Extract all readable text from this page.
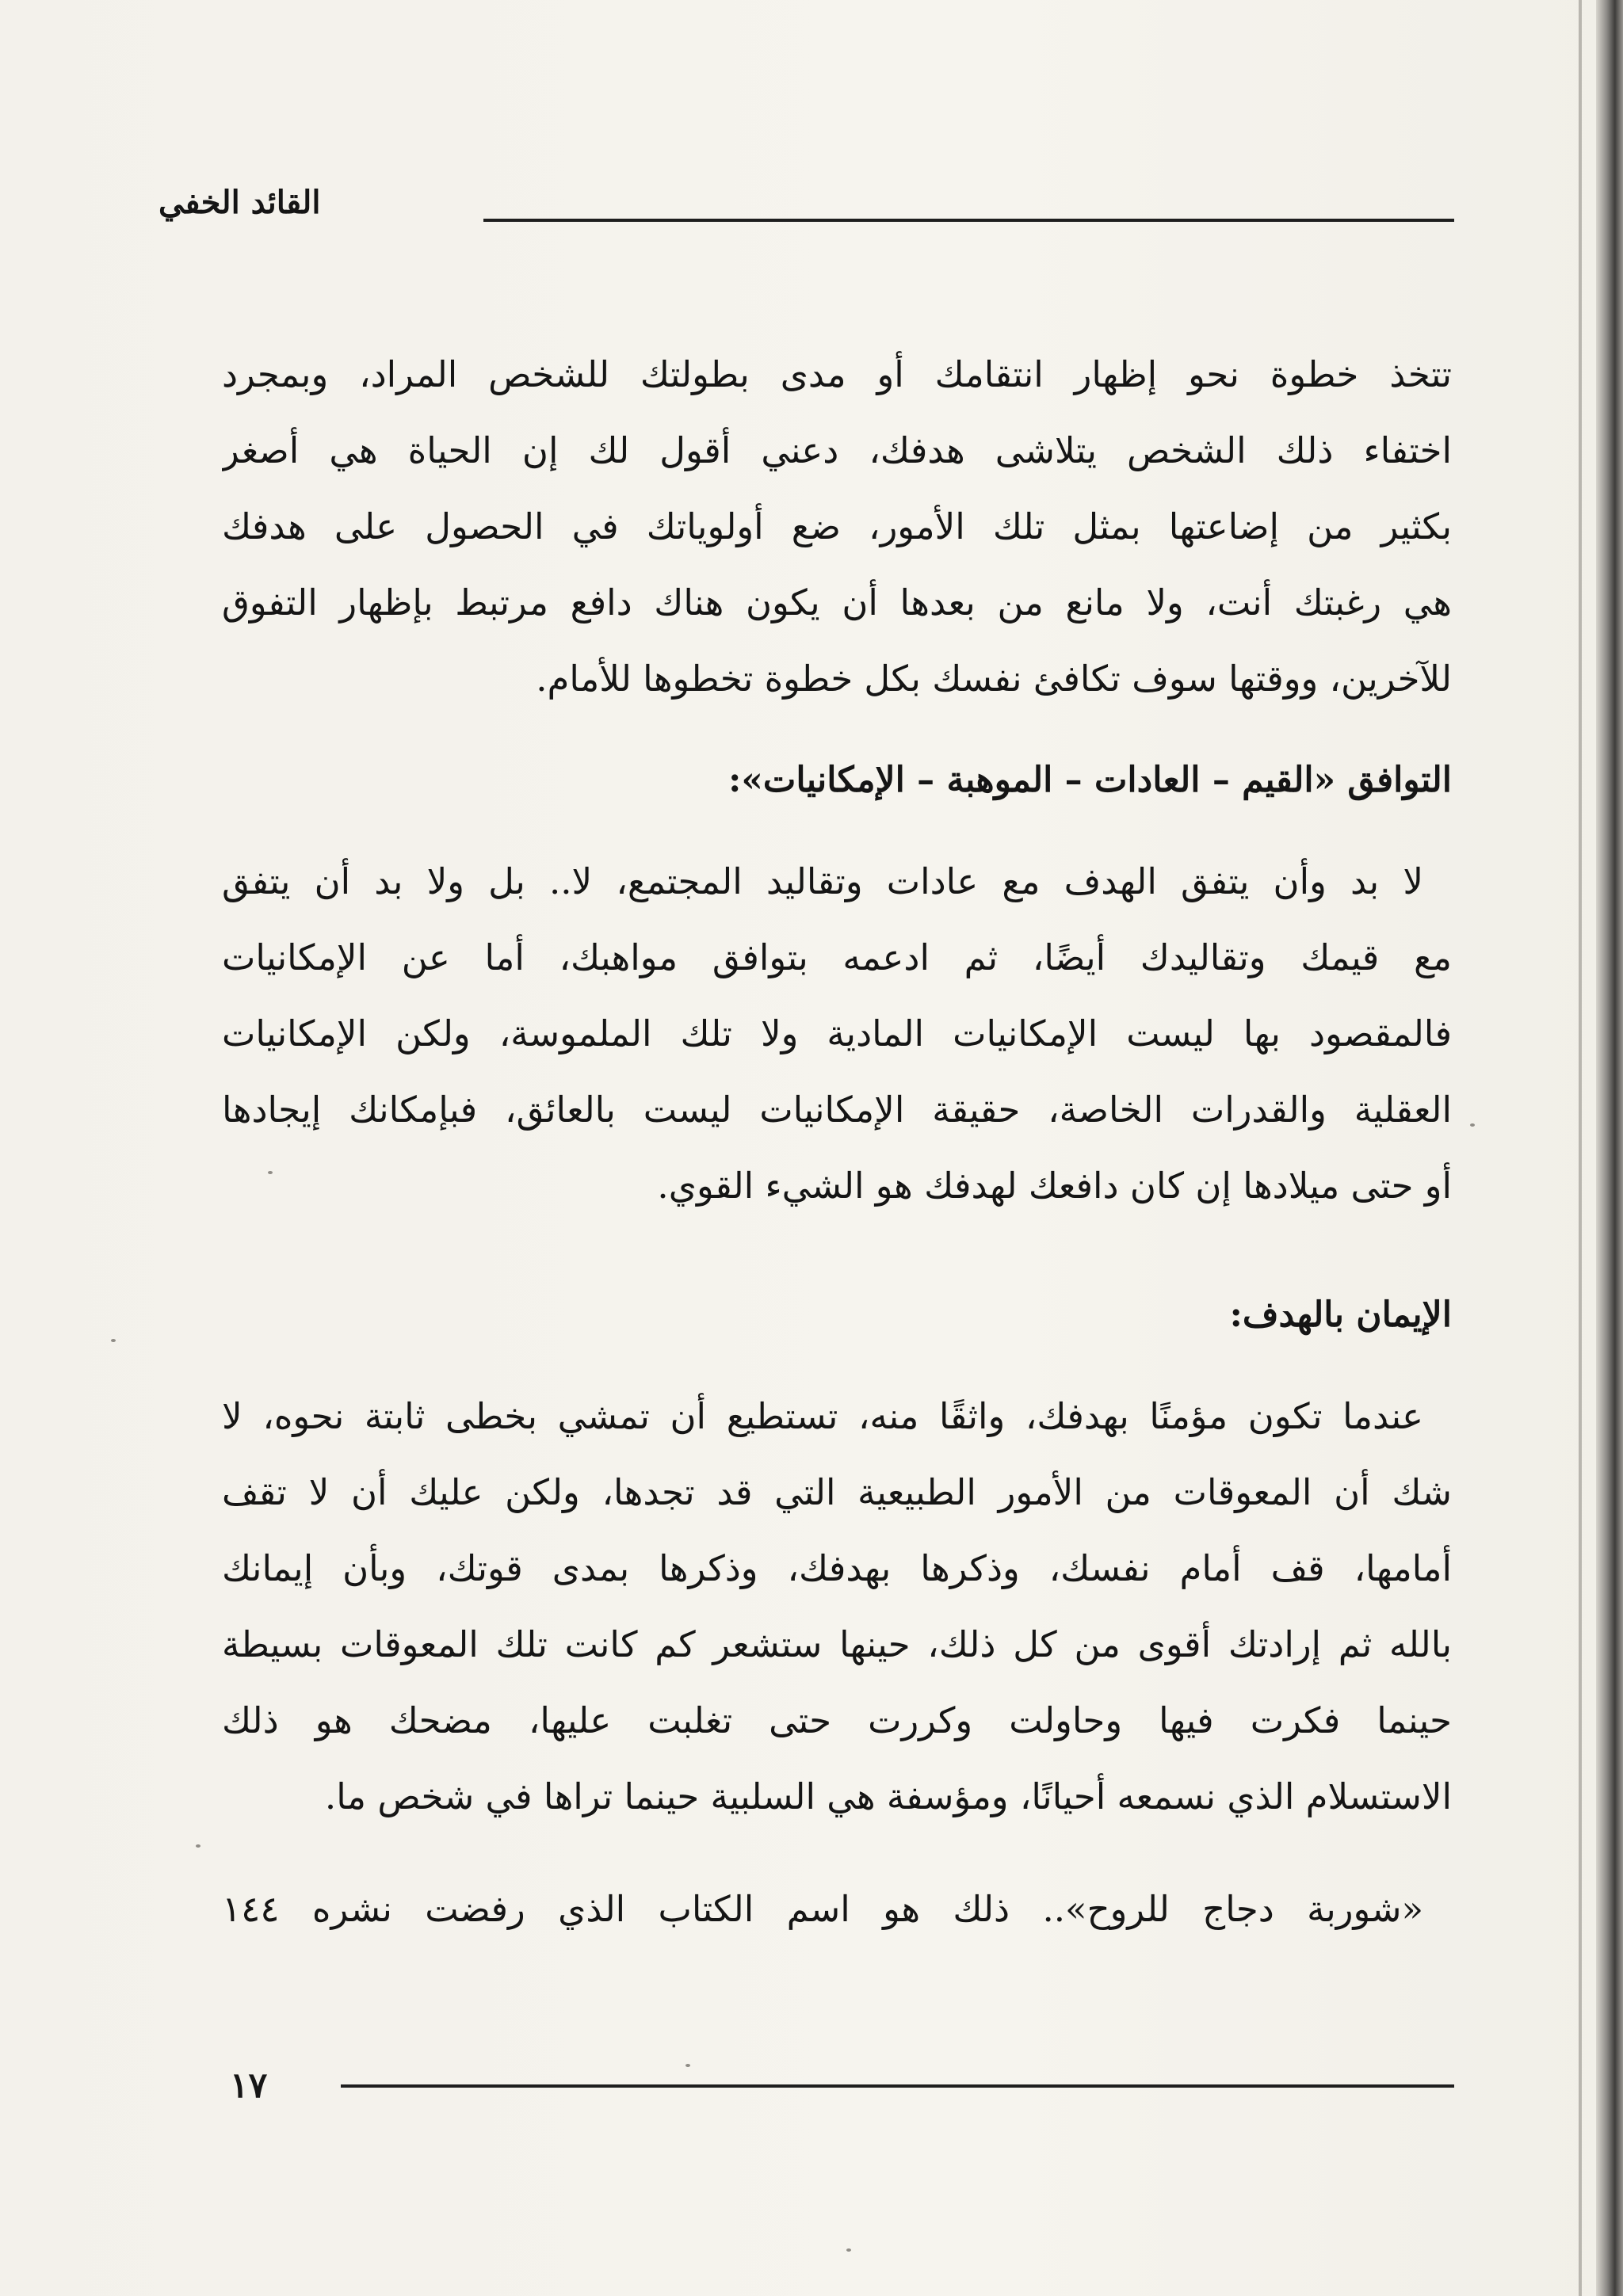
القائد الخفي
تتخذ خطوة نحو إظهار انتقامك أو مدى بطولتك للشخص المراد، وبمجرد
اختفاء ذلك الشخص يتلاشى هدفك، دعني أقول لك إن الحياة هي أصغر
بكثير من إضاعتها بمثل تلك الأمور، ضع أولوياتك في الحصول على هدفك
هي رغبتك أنت، ولا مانع من بعدها أن يكون هناك دافع مرتبط بإظهار التفوق
للآخرين، ووقتها سوف تكافئ نفسك بكل خطوة تخطوها للأمام.
التوافق «القيم – العادات – الموهبة – الإمكانيات»:
لا بد وأن يتفق الهدف مع عادات وتقاليد المجتمع، لا.. بل ولا بد أن يتفق
مع قيمك وتقاليدك أيضًا، ثم ادعمه بتوافق مواهبك، أما عن الإمكانيات
فالمقصود بها ليست الإمكانيات المادية ولا تلك الملموسة، ولكن الإمكانيات
العقلية والقدرات الخاصة، حقيقة الإمكانيات ليست بالعائق، فبإمكانك إيجادها
أو حتى ميلادها إن كان دافعك لهدفك هو الشيء القوي.
الإيمان بالهدف:
عندما تكون مؤمنًا بهدفك، واثقًا منه، تستطيع أن تمشي بخطى ثابتة نحوه، لا
شك أن المعوقات من الأمور الطبيعية التي قد تجدها، ولكن عليك أن لا تقف
أمامها، قف أمام نفسك، وذكرها بهدفك، وذكرها بمدى قوتك، وبأن إيمانك
بالله ثم إرادتك أقوى من كل ذلك، حينها ستشعر كم كانت تلك المعوقات بسيطة
حينما فكرت فيها وحاولت وكررت حتى تغلبت عليها، مضحك هو ذلك
الاستسلام الذي نسمعه أحيانًا، ومؤسفة هي السلبية حينما تراها في شخص ما.
«شوربة دجاج للروح».. ذلك هو اسم الكتاب الذي رفضت نشره ١٤٤
١٧
